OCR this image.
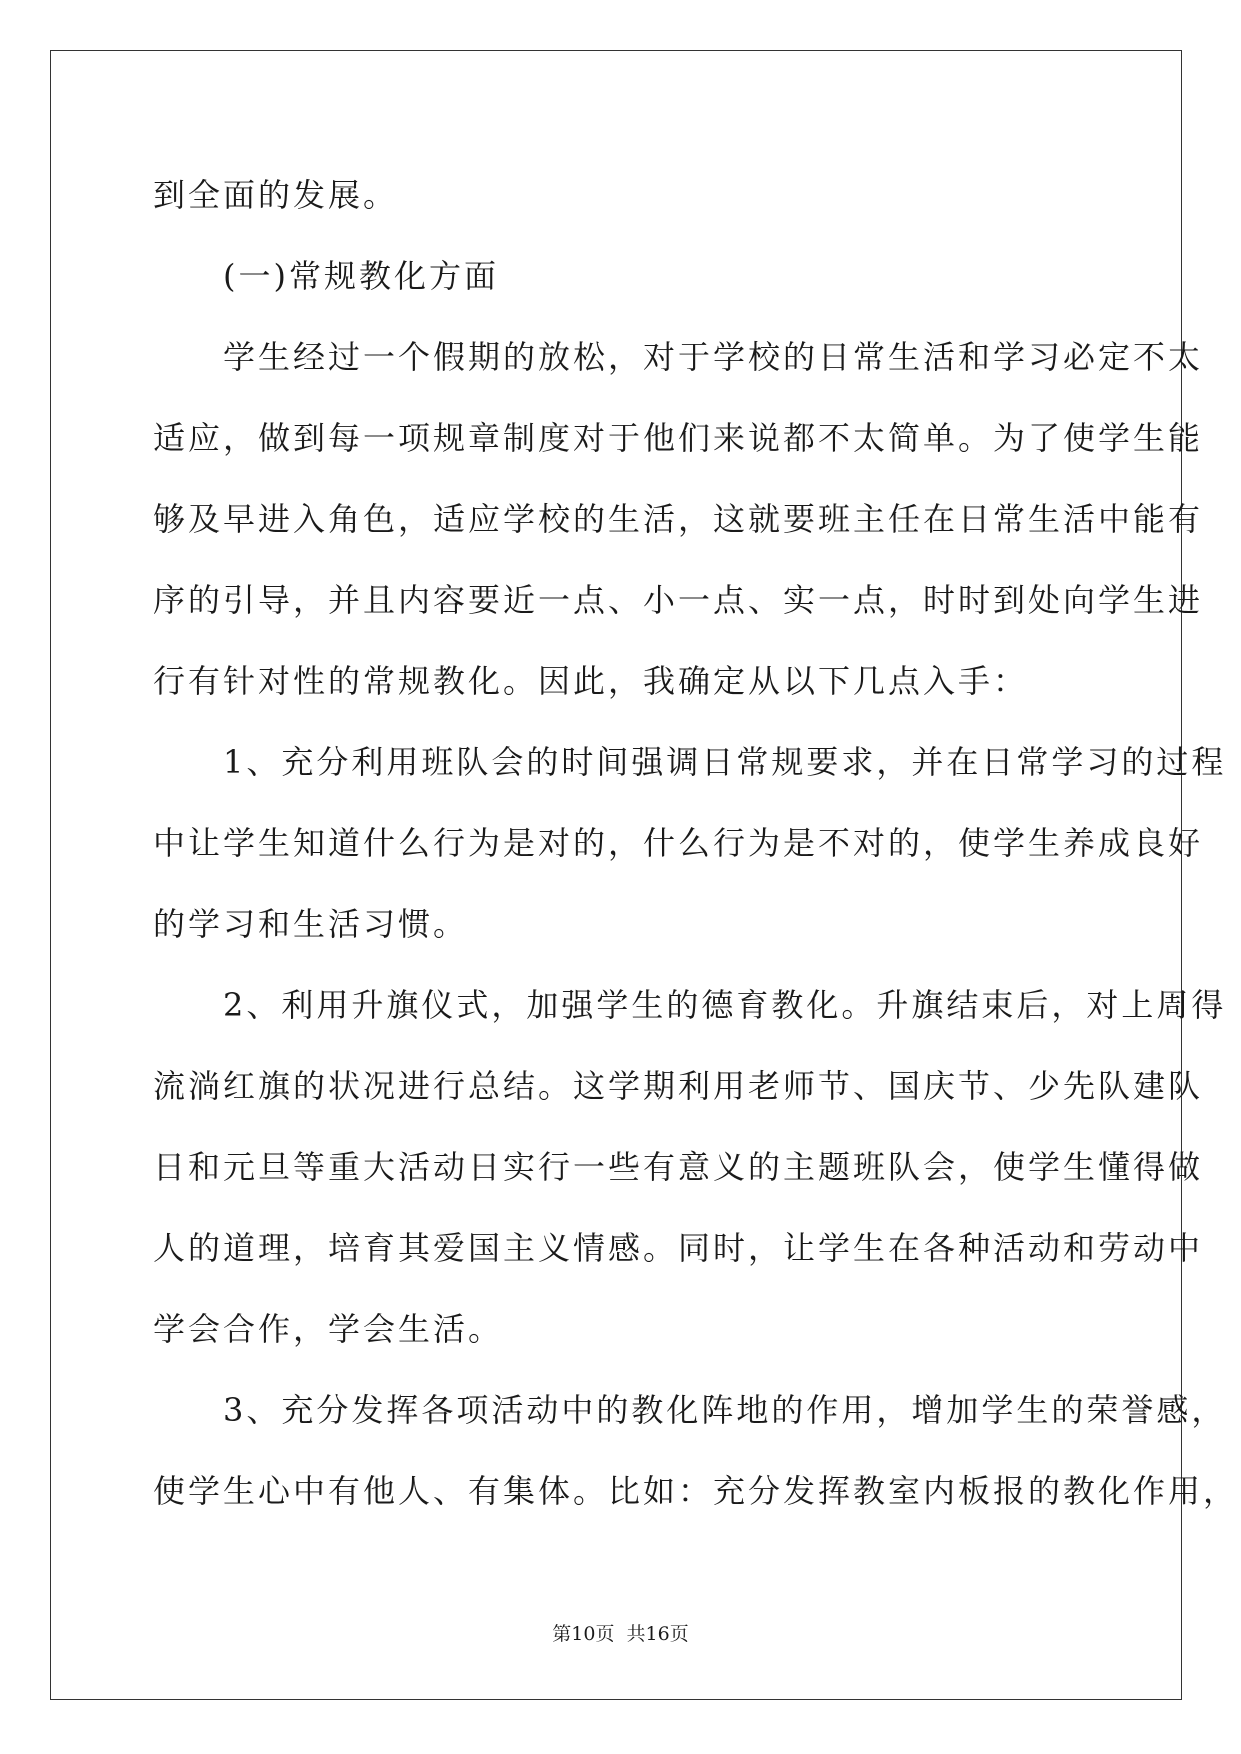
到全面的发展。

　　(一)常规教化方面

　　学生经过一个假期的放松，对于学校的日常生活和学习必定不太

适应，做到每一项规章制度对于他们来说都不太简单。为了使学生能

够及早进入角色，适应学校的生活，这就要班主任在日常生活中能有

序的引导，并且内容要近一点、小一点、实一点，时时到处向学生进

行有针对性的常规教化。因此，我确定从以下几点入手：

　　1、充分利用班队会的时间强调日常规要求，并在日常学习的过程

中让学生知道什么行为是对的，什么行为是不对的，使学生养成良好

的学习和生活习惯。

　　2、利用升旗仪式，加强学生的德育教化。升旗结束后，对上周得

流淌红旗的状况进行总结。这学期利用老师节、国庆节、少先队建队

日和元旦等重大活动日实行一些有意义的主题班队会，使学生懂得做

人的道理，培育其爱国主义情感。同时，让学生在各种活动和劳动中

学会合作，学会生活。

　　3、充分发挥各项活动中的教化阵地的作用，增加学生的荣誉感，

使学生心中有他人、有集体。比如：充分发挥教室内板报的教化作用，

第10页 共16页
